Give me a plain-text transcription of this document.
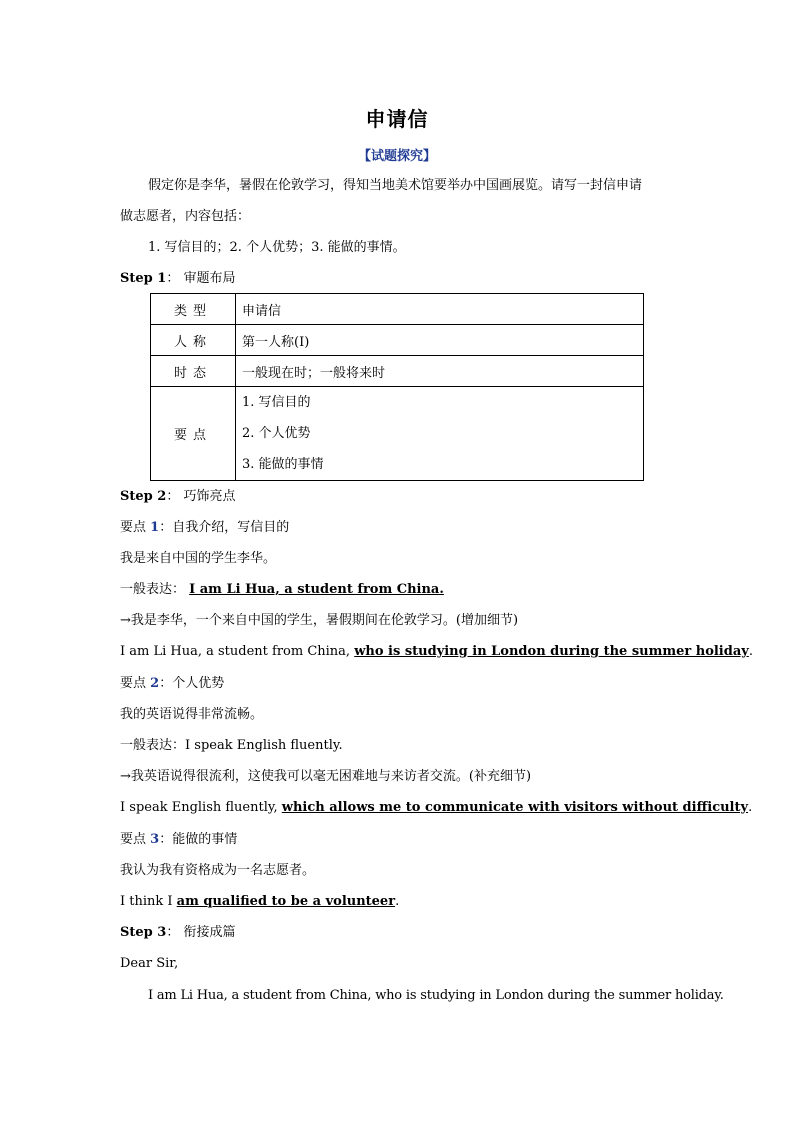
申请信
【试题探究】
假定你是李华，暑假在伦敦学习，得知当地美术馆要举办中国画展览。请写一封信申请
做志愿者，内容包括：
1. 写信目的；2. 个人优势；3. 能做的事情。
Step 1： 审题布局
类型	申请信
人称	第一人称(I)
时态	一般现在时；一般将来时
要点	1. 写信目的
2. 个人优势
3. 能做的事情
Step 2： 巧饰亮点
要点 1：自我介绍，写信目的
我是来自中国的学生李华。
一般表达： I am Li Hua, a student from China.
→我是李华，一个来自中国的学生，暑假期间在伦敦学习。(增加细节)
I am Li Hua, a student from China, who is studying in London during the summer holiday.
要点 2：个人优势
我的英语说得非常流畅。
一般表达：I speak English fluently.
→我英语说得很流利，这使我可以毫无困难地与来访者交流。(补充细节)
I speak English fluently, which allows me to communicate with visitors without difficulty.
要点 3：能做的事情
我认为我有资格成为一名志愿者。
I think I am qualified to be a volunteer.
Step 3： 衔接成篇
Dear Sir,
I am Li Hua, a student from China, who is studying in London during the summer holiday.
